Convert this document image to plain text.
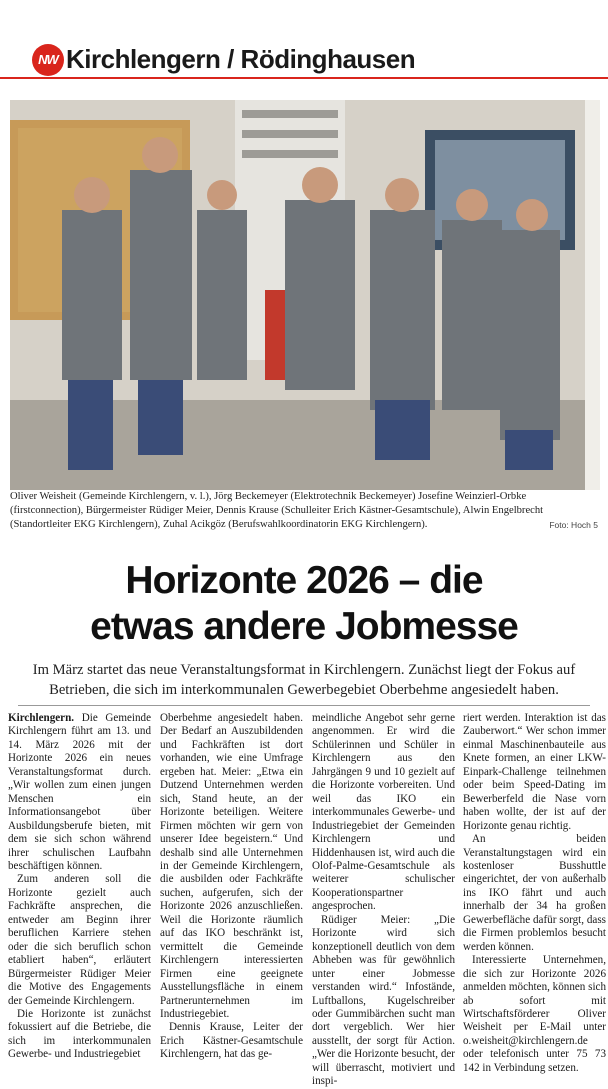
NW Kirchlengern / Rödinghausen
Oliver Weisheit (Gemeinde Kirchlengern, v. l.), Jörg Beckemeyer (Elektrotechnik Beckemeyer) Josefine Weinzierl-Orbke (firstconnection), Bürgermeister Rüdiger Meier, Dennis Krause (Schulleiter Erich Kästner-Gesamtschule), Alwin Engelbrecht (Standortleiter EKG Kirchlengern), Zuhal Acikgöz (Berufswahlkoordinatorin EKG Kirchlengern).	Foto: Hoch 5
Horizonte 2026 – die
etwas andere Jobmesse
Im März startet das neue Veranstaltungsformat in Kirchlengern. Zunächst liegt der Fokus auf Betrieben, die sich im interkommunalen Gewerbegebiet Oberbehme angesiedelt haben.

Kirchlengern. Die Gemeinde Kirchlengern führt am 13. und 14. März 2026 mit der Horizonte 2026 ein neues Veranstaltungsformat durch. „Wir wollen zum einen jungen Menschen ein Informationsangebot über Ausbildungsberufe bieten, mit dem sie sich schon während ihrer schulischen Laufbahn beschäftigen können.

Zum anderen soll die Horizonte gezielt auch Fachkräfte ansprechen, die entweder am Beginn ihrer beruflichen Karriere stehen oder die sich beruflich schon etabliert haben“, erläutert Bürgermeister Rüdiger Meier die Motive des Engagements der Gemeinde Kirchlengern.

Die Horizonte ist zunächst fokussiert auf die Betriebe, die sich im interkommunalen Gewerbe- und Industriegebiet

Oberbehme angesiedelt haben. Der Bedarf an Auszubildenden und Fachkräften ist dort vorhanden, wie eine Umfrage ergeben hat. Meier: „Etwa ein Dutzend Unternehmen werden sich, Stand heute, an der Horizonte beteiligen. Weitere Firmen möchten wir gern von unserer Idee begeistern.“ Und deshalb sind alle Unternehmen in der Gemeinde Kirchlengern, die ausbilden oder Fachkräfte suchen, aufgerufen, sich der Horizonte 2026 anzuschließen. Weil die Horizonte räumlich auf das IKO beschränkt ist, vermittelt die Gemeinde Kirchlengern interessierten Firmen eine geeignete Ausstellungsfläche in einem Partnerunternehmen im Industriegebiet.

Dennis Krause, Leiter der Erich Kästner-Gesamtschule Kirchlengern, hat das ge-

meindliche Angebot sehr gerne angenommen. Er wird die Schülerinnen und Schüler in Kirchlengern aus den Jahrgängen 9 und 10 gezielt auf die Horizonte vorbereiten. Und weil das IKO ein interkommunales Gewerbe- und Industriegebiet der Gemeinden Kirchlengern und Hiddenhausen ist, wird auch die Olof-Palme-Gesamtschule als weiterer schulischer Kooperationspartner angesprochen.

Rüdiger Meier: „Die Horizonte wird sich konzeptionell deutlich von dem Abheben was für gewöhnlich unter einer Jobmesse verstanden wird.“ Infostände, Luftballons, Kugelschreiber oder Gummibärchen sucht man dort vergeblich. Wer hier ausstellt, der sorgt für Action. „Wer die Horizonte besucht, der will überrascht, motiviert und inspi-

riert werden. Interaktion ist das Zauberwort.“ Wer schon immer einmal Maschinenbauteile aus Knete formen, an einer LKW-Einpark-Challenge teilnehmen oder beim Speed-Dating im Bewerberfeld die Nase vorn haben wollte, der ist auf der Horizonte genau richtig.

An beiden Veranstaltungstagen wird ein kostenloser Busshuttle eingerichtet, der von außerhalb ins IKO fährt und auch innerhalb der 34 ha großen Gewerbefläche dafür sorgt, dass die Firmen problemlos besucht werden können.

Interessierte Unternehmen, die sich zur Horizonte 2026 anmelden möchten, können sich ab sofort mit Wirtschaftsförderer Oliver Weisheit per E-Mail unter o.weisheit@kirchlengern.de oder telefonisch unter 75 73 142 in Verbindung setzen.
